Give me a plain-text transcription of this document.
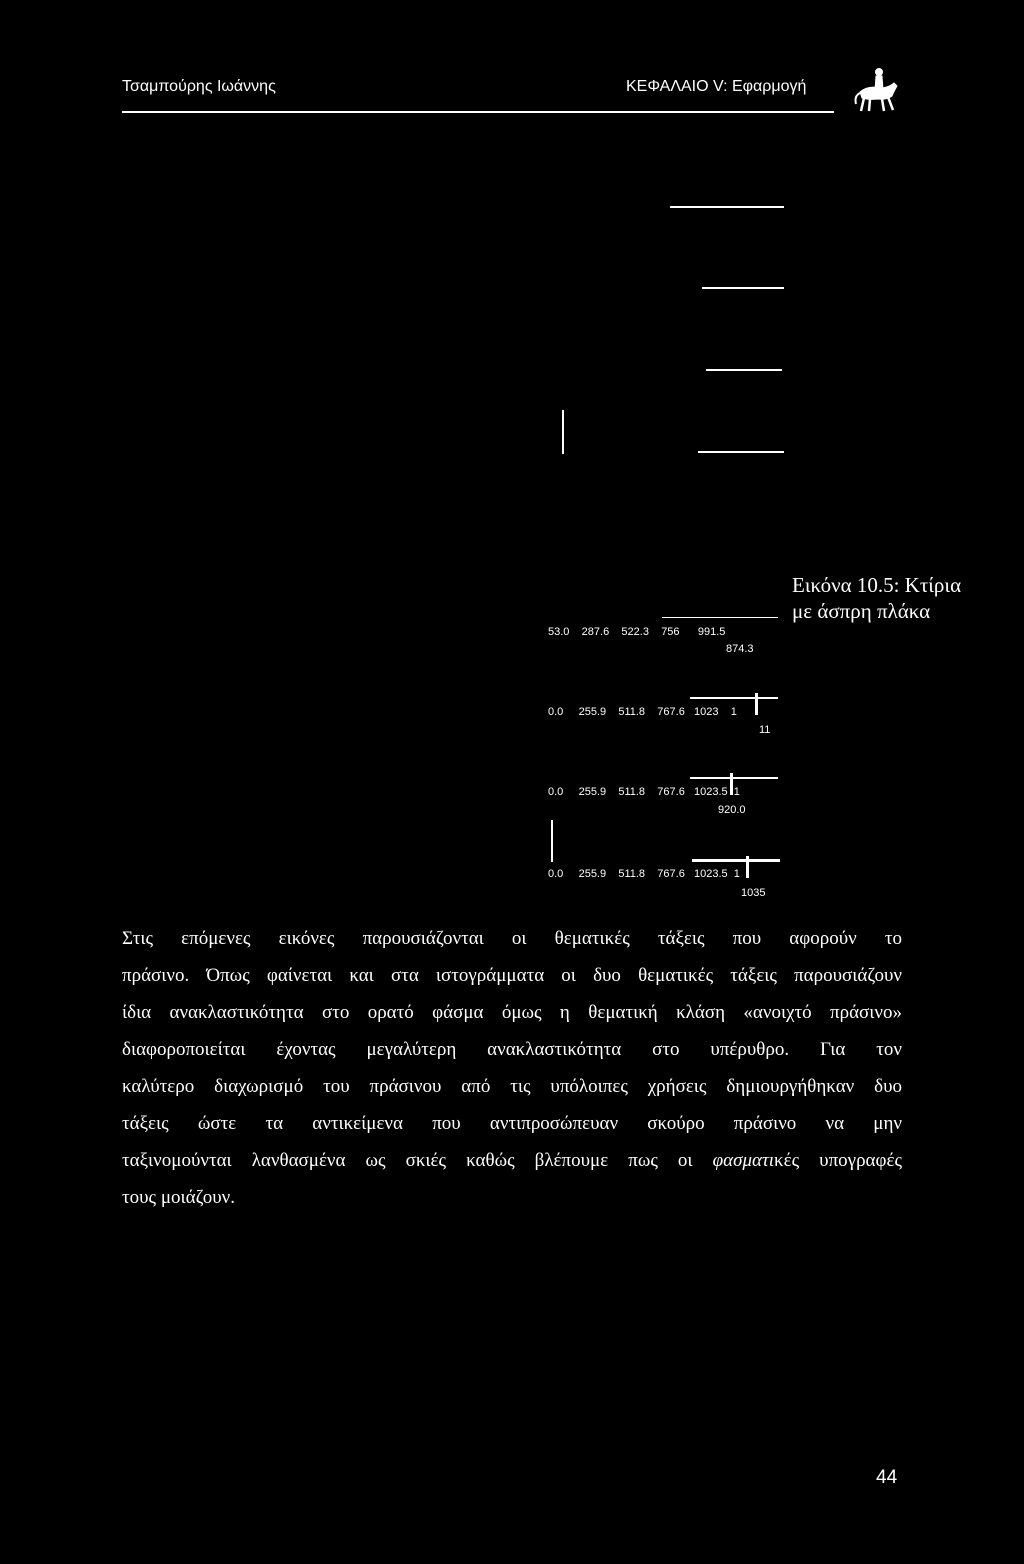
Τσαμπούρης Ιωάννης	ΚΕΦΑΛΑΙΟ V: Εφαρμογή
53.0 287.6 522.3 756 991.5
874.3
0.0 255.9 511.8 767.6 1023 1
11
0.0 255.9 511.8 767.6 1023.5 1
920.0
0.0 255.9 511.8 767.6 1023.5 1
1035
Εικόνα 10.5: Κτίρια
με άσπρη πλάκα

Στις επόμενες εικόνες παρουσιάζονται οι θεματικές τάξεις που αφορούν το

πράσινο. Όπως φαίνεται και στα ιστογράμματα οι δυο θεματικές τάξεις παρουσιάζουν

ίδια ανακλαστικότητα στο ορατό φάσμα όμως η θεματική κλάση «ανοιχτό πράσινο»

διαφοροποιείται έχοντας μεγαλύτερη ανακλαστικότητα στο υπέρυθρο. Για τον

καλύτερο διαχωρισμό του πράσινου από τις υπόλοιπες χρήσεις δημιουργήθηκαν δυο

τάξεις ώστε τα αντικείμενα που αντιπροσώπευαν σκούρο πράσινο να μην

ταξινομούνται λανθασμένα ως σκιές καθώς βλέπουμε πως οι φασματικές υπογραφές

τους μοιάζουν.

44
